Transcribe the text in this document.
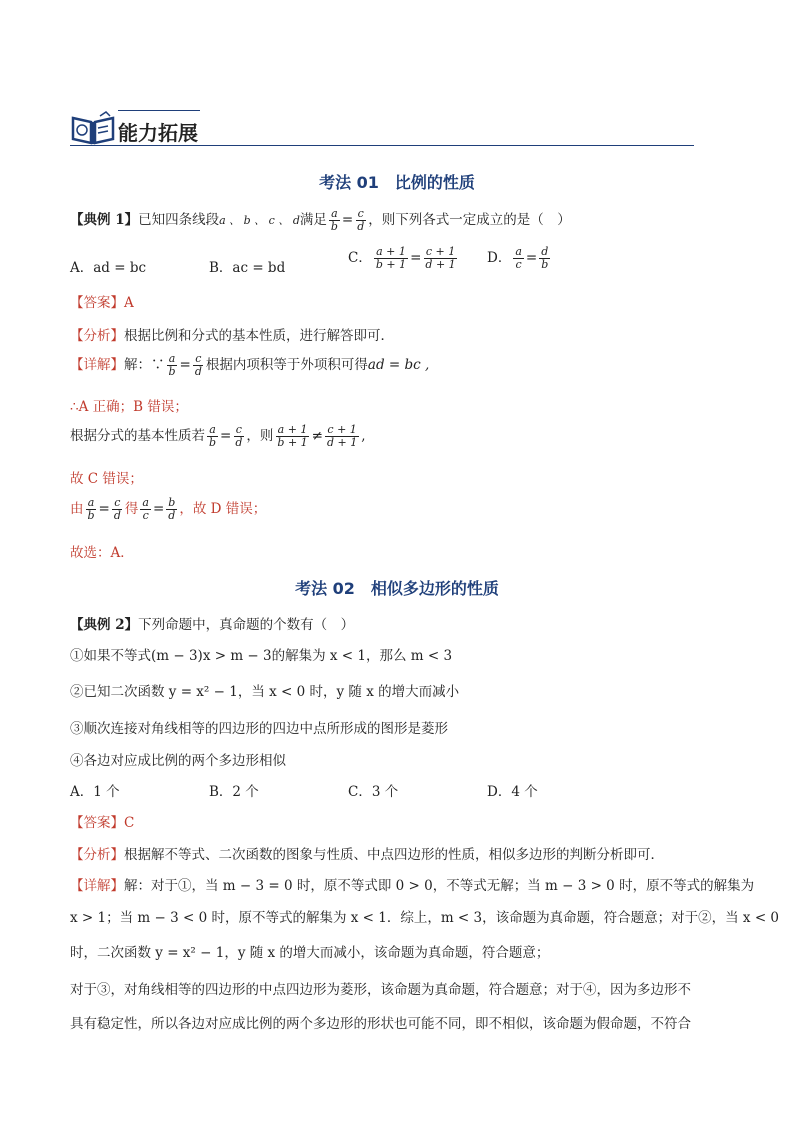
能力拓展
考法 01　比例的性质
【典例 1】已知四条线段a 、 b 、 c 、 d满足 $\frac{a}{b} = \frac{c}{d}$ ，则下列各式一定成立的是（　）
A．ad = bc	B．ac = bd
C． $\frac{a + 1}{b + 1} = \frac{c + 1}{d + 1}$ D． $\frac{a}{c} = \frac{d}{b}$
【答案】A
【分析】根据比例和分式的基本性质，进行解答即可．
【详解】解：∵ $\frac{a}{b} = \frac{c}{d}$ 根据内项积等于外项积可得ad = bc ,
∴A 正确；B 错误；
根据分式的基本性质若 $\frac{a}{b} = \frac{c}{d}$ ，则 $\frac{a + 1}{b + 1} \ne \frac{c + 1}{d + 1}$ ,
故 C 错误；
由 $\frac{a}{b} = \frac{c}{d}$ 得 $\frac{a}{c} = \frac{b}{d}$ ，故 D 错误；
故选：A．
考法 02　相似多边形的性质
【典例 2】下列命题中，真命题的个数有（　）
①如果不等式(m − 3)x > m − 3的解集为 x < 1，那么 m < 3
②已知二次函数 y = x² − 1，当 x < 0 时，y 随 x 的增大而减小
③顺次连接对角线相等的四边形的四边中点所形成的图形是菱形
④各边对应成比例的两个多边形相似
A．1 个	B．2 个	C．3 个	D．4 个
【答案】C
【分析】根据解不等式、二次函数的图象与性质、中点四边形的性质，相似多边形的判断分析即可．
【详解】解：对于①，当 m − 3 = 0 时，原不等式即 0 > 0，不等式无解；当 m − 3 > 0 时，原不等式的解集为
x > 1；当 m − 3 < 0 时，原不等式的解集为 x < 1．综上，m < 3，该命题为真命题，符合题意；对于②，当 x < 0
时，二次函数 y = x² − 1，y 随 x 的增大而减小，该命题为真命题，符合题意；
对于③，对角线相等的四边形的中点四边形为菱形，该命题为真命题，符合题意；对于④，因为多边形不
具有稳定性，所以各边对应成比例的两个多边形的形状也可能不同，即不相似，该命题为假命题，不符合
